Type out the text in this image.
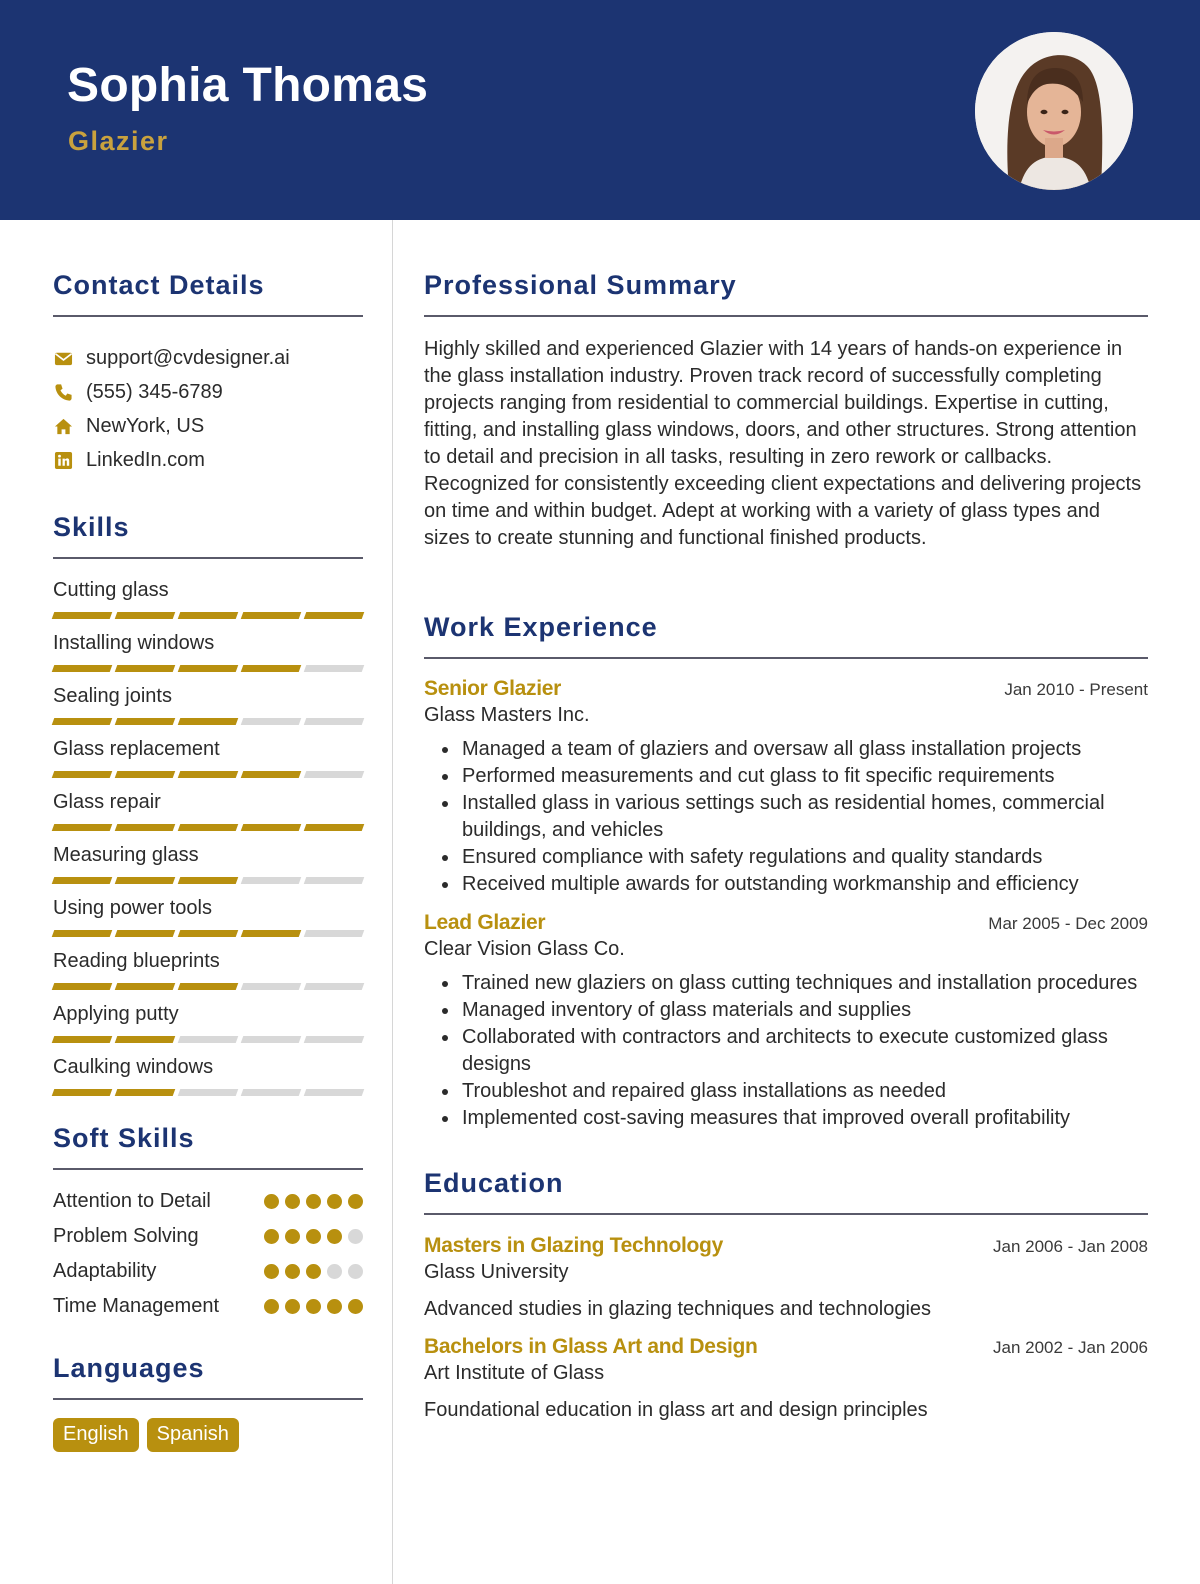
Sophia Thomas
Glazier
Contact Details
support@cvdesigner.ai
(555) 345-6789
NewYork, US
LinkedIn.com
Skills
Cutting glass
Installing windows
Sealing joints
Glass replacement
Glass repair
Measuring glass
Using power tools
Reading blueprints
Applying putty
Caulking windows
Soft Skills
Attention to Detail
Problem Solving
Adaptability
Time Management
Languages
English	Spanish
Professional Summary
Highly skilled and experienced Glazier with 14 years of hands-on experience in the glass installation industry. Proven track record of successfully completing projects ranging from residential to commercial buildings. Expertise in cutting, fitting, and installing glass windows, doors, and other structures. Strong attention to detail and precision in all tasks, resulting in zero rework or callbacks. Recognized for consistently exceeding client expectations and delivering projects on time and within budget. Adept at working with a variety of glass types and sizes to create stunning and functional finished products.
Work Experience
Senior Glazier	Jan 2010 - Present
Glass Masters Inc.
Managed a team of glaziers and oversaw all glass installation projects
Performed measurements and cut glass to fit specific requirements
Installed glass in various settings such as residential homes, commercial buildings, and vehicles
Ensured compliance with safety regulations and quality standards
Received multiple awards for outstanding workmanship and efficiency
Lead Glazier	Mar 2005 - Dec 2009
Clear Vision Glass Co.
Trained new glaziers on glass cutting techniques and installation procedures
Managed inventory of glass materials and supplies
Collaborated with contractors and architects to execute customized glass designs
Troubleshot and repaired glass installations as needed
Implemented cost-saving measures that improved overall profitability
Education
Masters in Glazing Technology	Jan 2006 - Jan 2008
Glass University
Advanced studies in glazing techniques and technologies
Bachelors in Glass Art and Design	Jan 2002 - Jan 2006
Art Institute of Glass
Foundational education in glass art and design principles
